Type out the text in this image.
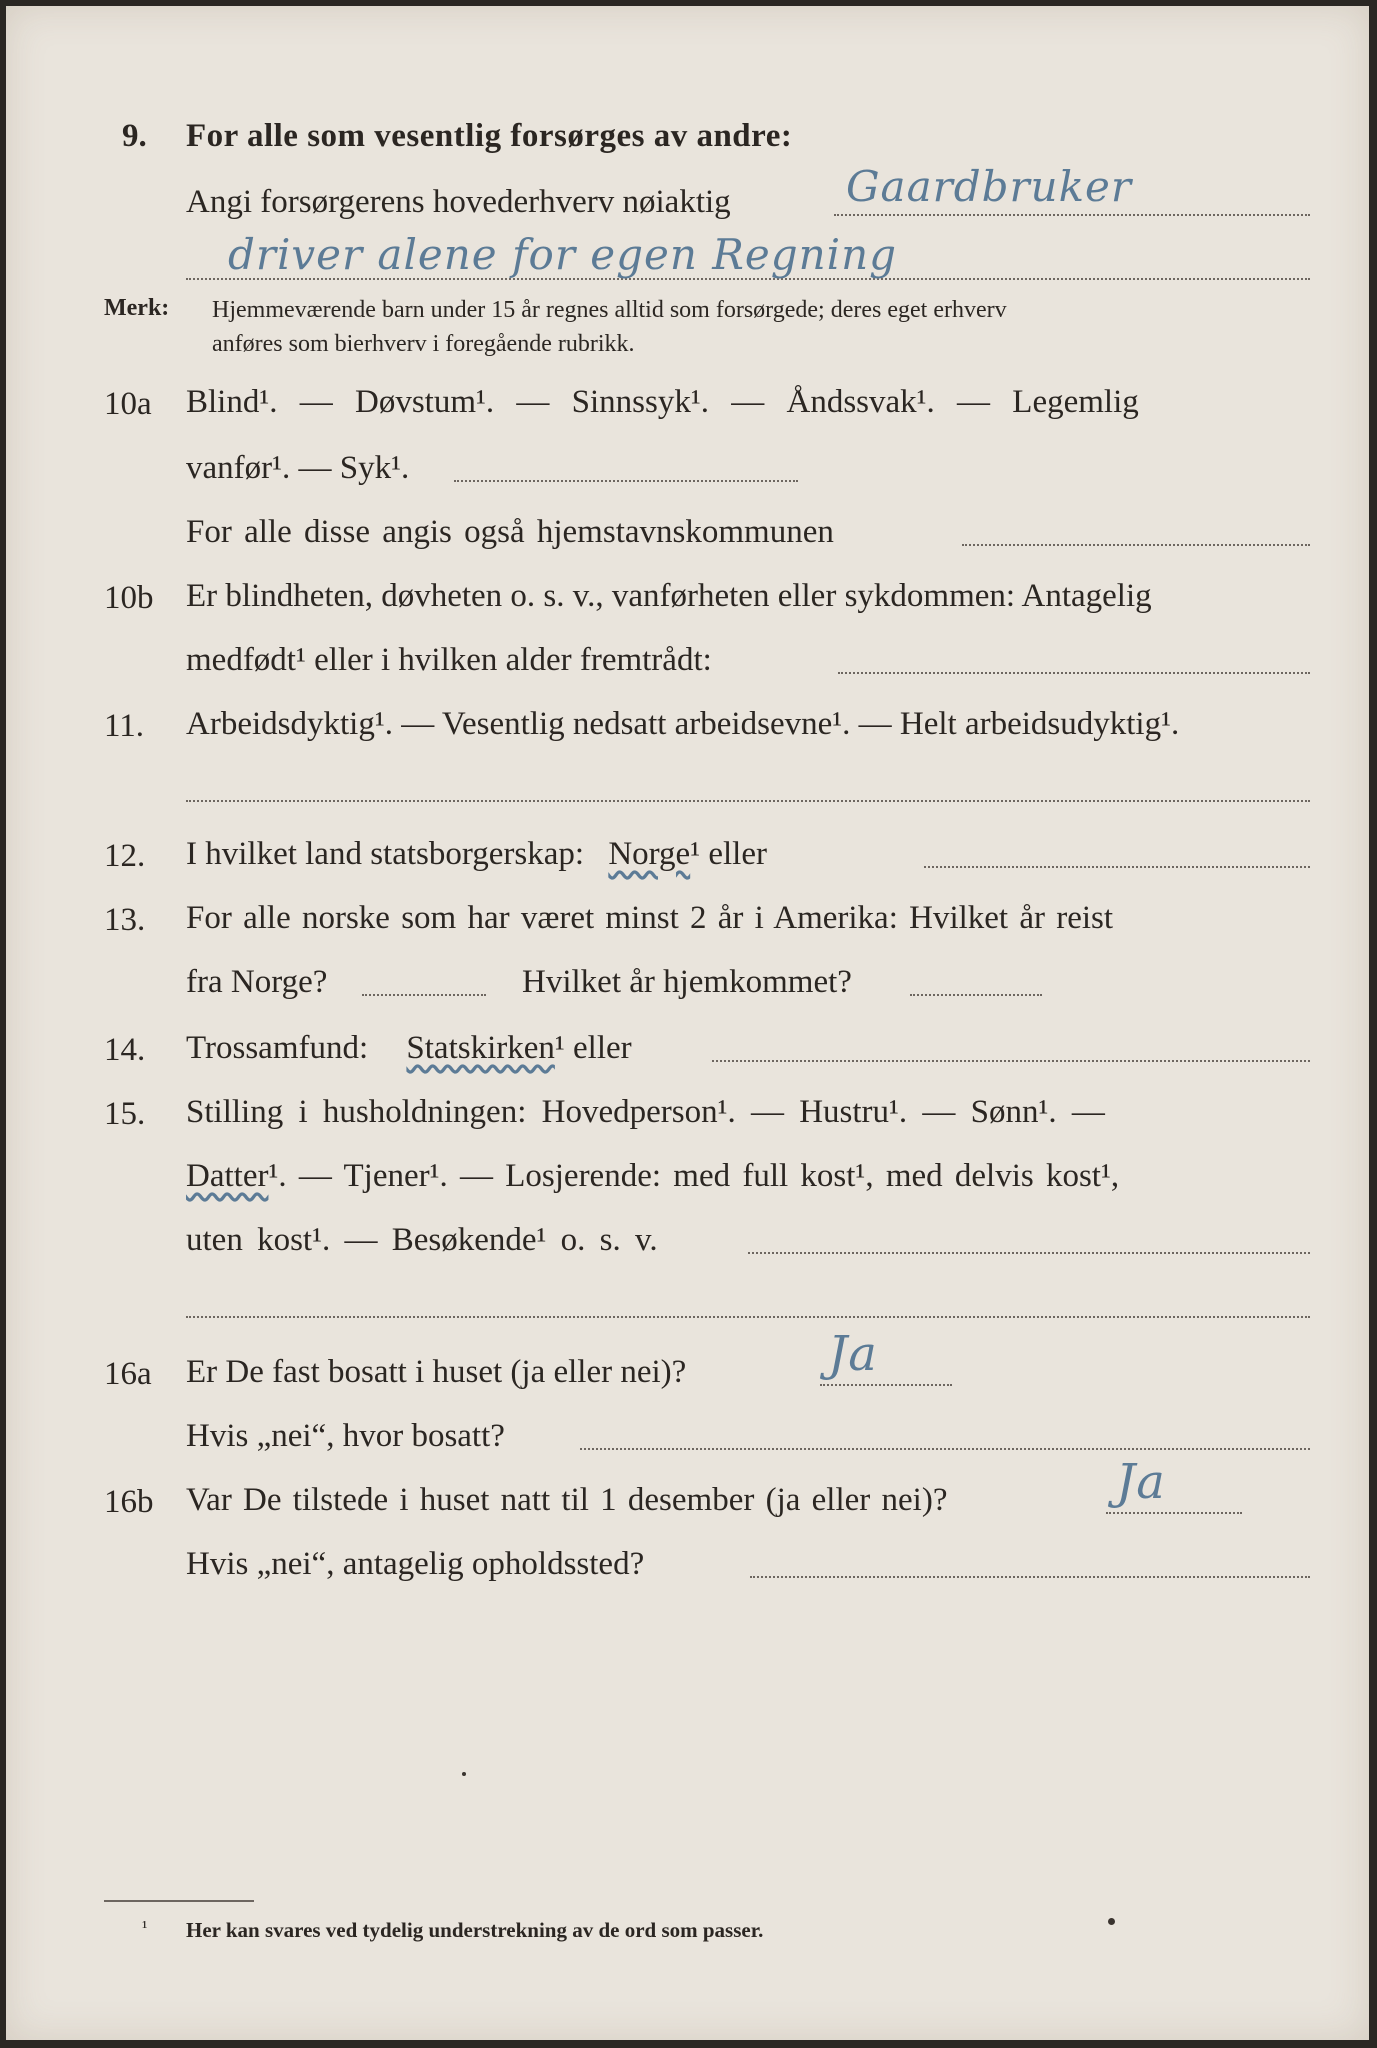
9. For alle som vesentlig forsørges av andre:
Angi forsørgerens hovederhverv nøiaktig	Gaardbruker
driver alene for egen Regning
Merk: Hjemmeværende barn under 15 år regnes alltid som forsørgede; deres eget erhverv
anføres som bierhverv i foregående rubrikk.
10a Blind¹. — Døvstum¹. — Sinnssyk¹. — Åndssvak¹. — Legemlig
vanfør¹. — Syk¹.
For alle disse angis også hjemstavnskommunen
10b Er blindheten, døvheten o. s. v., vanførheten eller sykdommen: Antagelig
medfødt¹ eller i hvilken alder fremtrådt:
11. Arbeidsdyktig¹. — Vesentlig nedsatt arbeidsevne¹. — Helt arbeidsudyktig¹.
12. I hvilket land statsborgerskap: Norge¹ eller
13. For alle norske som har været minst 2 år i Amerika: Hvilket år reist
fra Norge?	Hvilket år hjemkommet?
14. Trossamfund: Statskirken¹ eller
15. Stilling i husholdningen: Hovedperson¹. — Hustru¹. — Sønn¹. —
Datter¹. — Tjener¹. — Losjerende: med full kost¹, med delvis kost¹,
uten kost¹. — Besøkende¹ o. s. v.
16a Er De fast bosatt i huset (ja eller nei)?	Ja
Hvis „nei“, hvor bosatt?
16b Var De tilstede i huset natt til 1 desember (ja eller nei)?	Ja
Hvis „nei“, antagelig opholdssted?
¹ Her kan svares ved tydelig understrekning av de ord som passer.
